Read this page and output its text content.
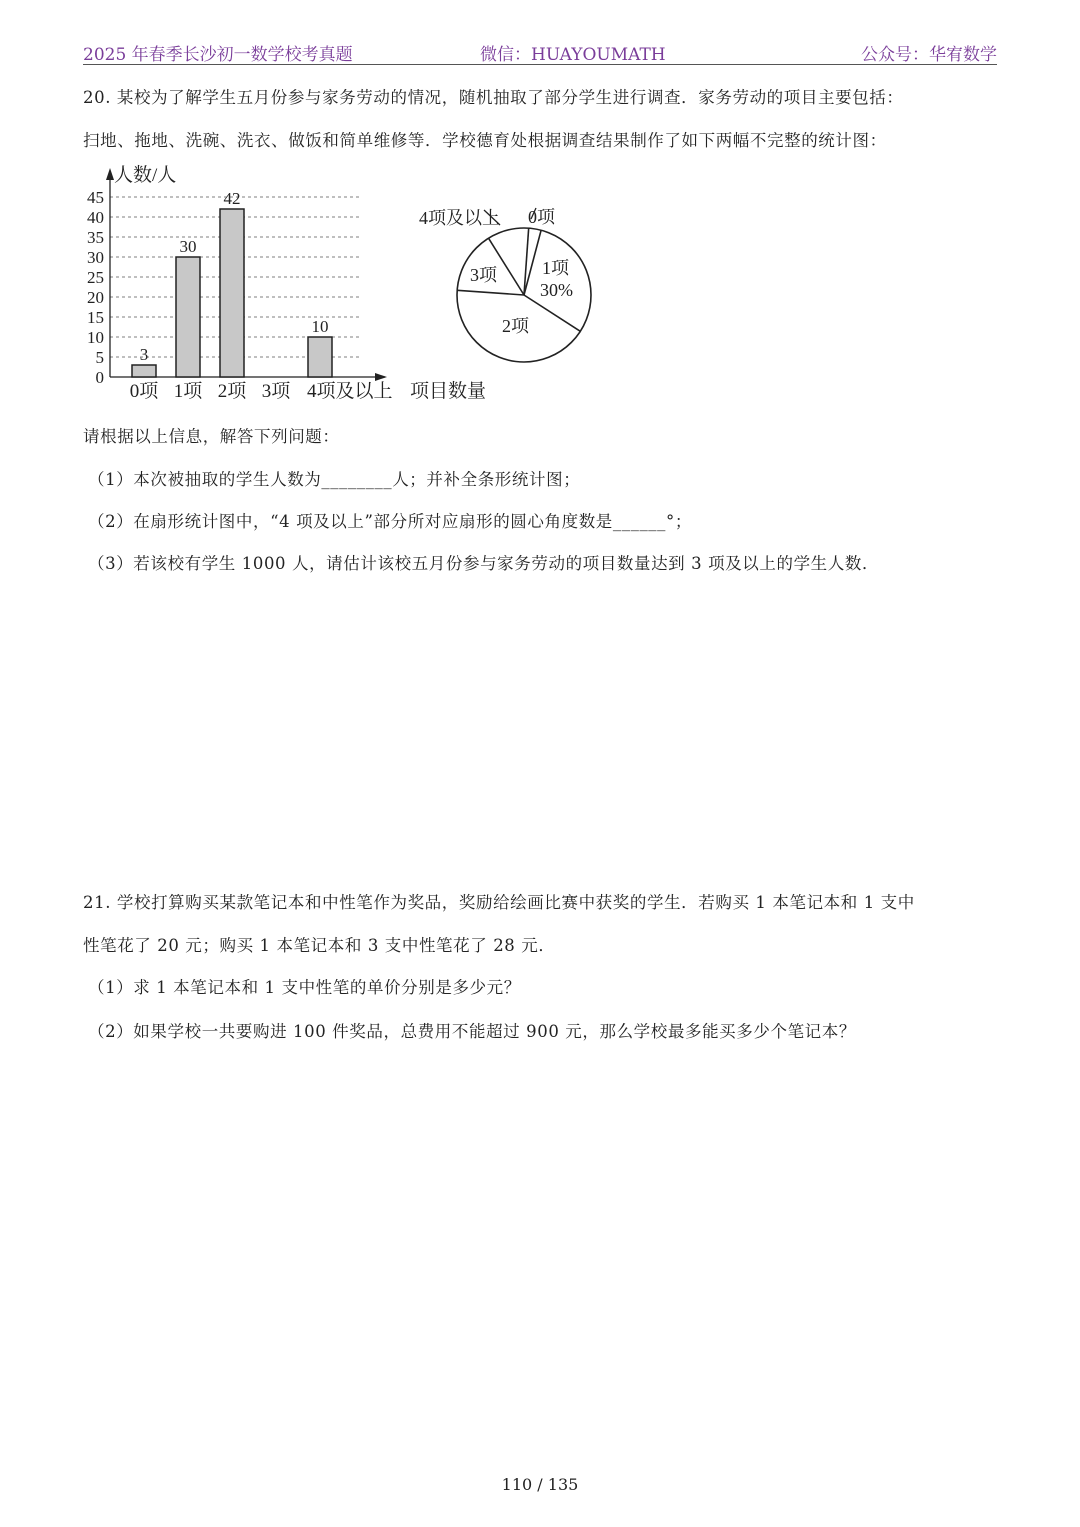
2025 年春季长沙初一数学校考真题	微信：HUAYOUMATH	公众号：华宥数学
20. 某校为了解学生五月份参与家务劳动的情况，随机抽取了部分学生进行调查．家务劳动的项目主要包括：
扫地、拖地、洗碗、洗衣、做饭和简单维修等．学校德育处根据调查结果制作了如下两幅不完整的统计图：
0
5
10
15
20
25
30
35
40
45
人数/人
项目数量
3
0项
30
1项
42
2项 3项
10
4项及以上
0项
4项及以上
1项
30%
2项
3项
请根据以上信息，解答下列问题：
（1）本次被抽取的学生人数为________人；并补全条形统计图；
（2）在扇形统计图中，“4 项及以上”部分所对应扇形的圆心角度数是______°；
（3）若该校有学生 1000 人，请估计该校五月份参与家务劳动的项目数量达到 3 项及以上的学生人数．
21. 学校打算购买某款笔记本和中性笔作为奖品，奖励给绘画比赛中获奖的学生．若购买 1 本笔记本和 1 支中
性笔花了 20 元；购买 1 本笔记本和 3 支中性笔花了 28 元．
（1）求 1 本笔记本和 1 支中性笔的单价分别是多少元？
（2）如果学校一共要购进 100 件奖品，总费用不能超过 900 元，那么学校最多能买多少个笔记本？
110 / 135
